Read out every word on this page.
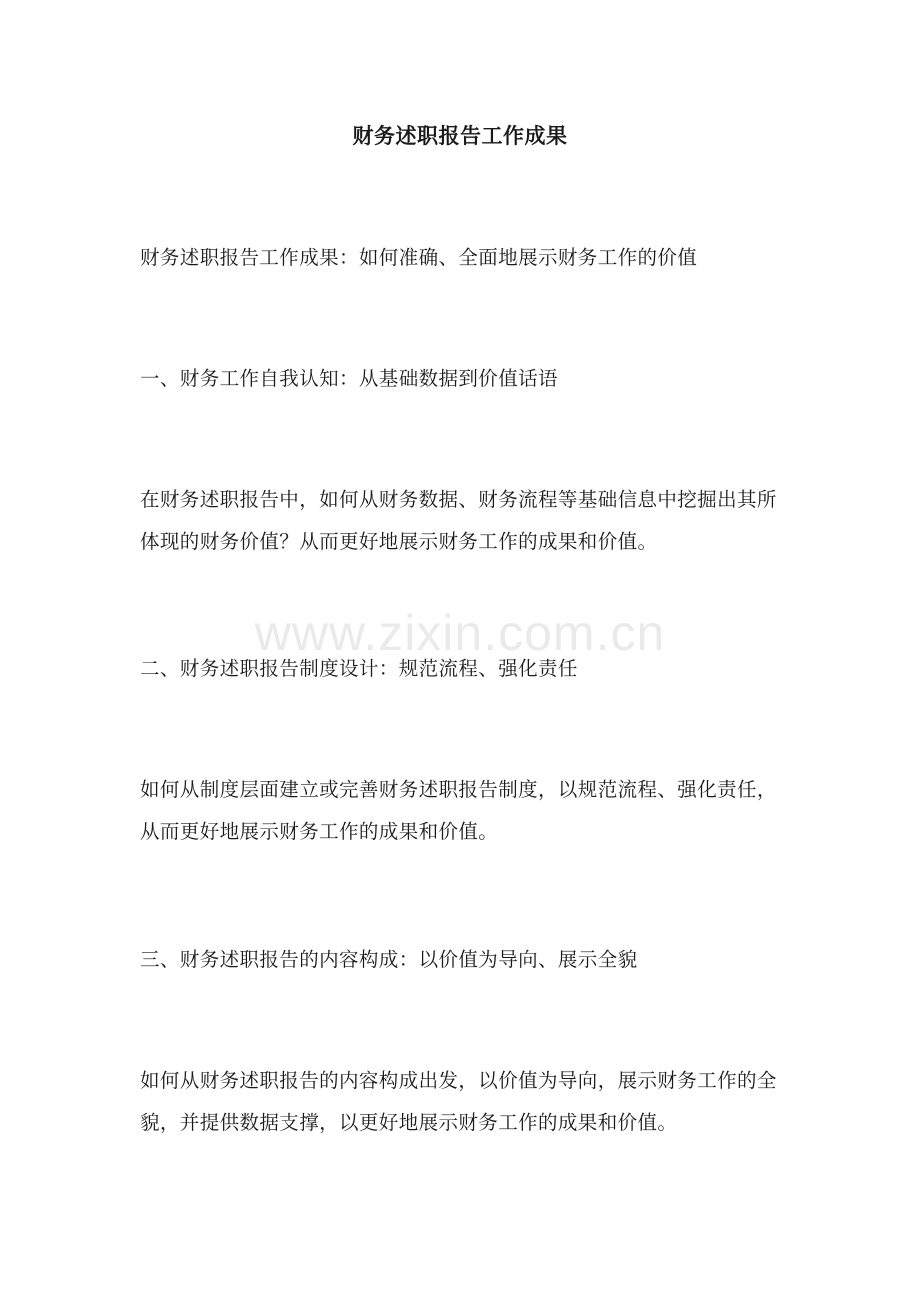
财务述职报告工作成果

财务述职报告工作成果：如何准确、全面地展示财务工作的价值

一、财务工作自我认知：从基础数据到价值话语

在财务述职报告中，如何从财务数据、财务流程等基础信息中挖掘出其所体现的财务价值？从而更好地展示财务工作的成果和价值。

二、财务述职报告制度设计：规范流程、强化责任

如何从制度层面建立或完善财务述职报告制度，以规范流程、强化责任，从而更好地展示财务工作的成果和价值。

三、财务述职报告的内容构成：以价值为导向、展示全貌

如何从财务述职报告的内容构成出发，以价值为导向，展示财务工作的全貌，并提供数据支撑，以更好地展示财务工作的成果和价值。

www.zixin.com.cn
